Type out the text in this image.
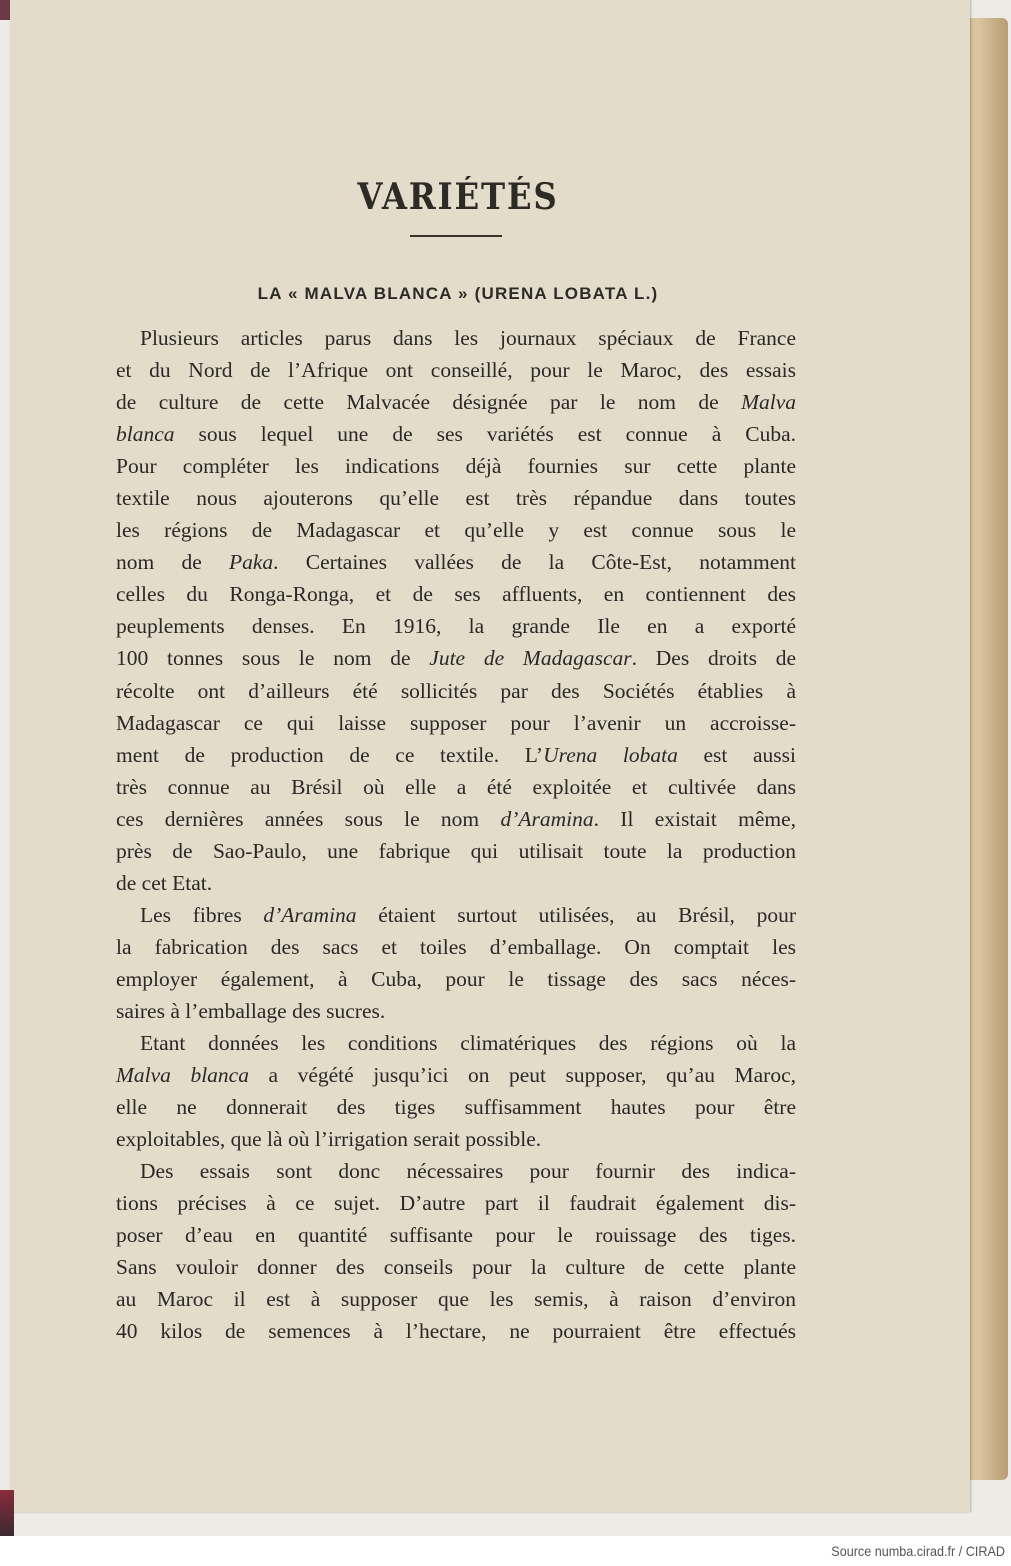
VARIÉTÉS
LA « MALVA BLANCA » (URENA LOBATA L.)
Plusieurs articles parus dans les journaux spéciaux de France
et du Nord de l’Afrique ont conseillé, pour le Maroc, des essais
de culture de cette Malvacée désignée par le nom de Malva
blanca sous lequel une de ses variétés est connue à Cuba.
Pour compléter les indications déjà fournies sur cette plante
textile nous ajouterons qu’elle est très répandue dans toutes
les régions de Madagascar et qu’elle y est connue sous le
nom de Paka. Certaines vallées de la Côte-Est, notamment
celles du Ronga-Ronga, et de ses affluents, en contiennent des
peuplements denses. En 1916, la grande Ile en a exporté
100 tonnes sous le nom de Jute de Madagascar. Des droits de
récolte ont d’ailleurs été sollicités par des Sociétés établies à
Madagascar ce qui laisse supposer pour l’avenir un accroisse-
ment de production de ce textile. L’Urena lobata est aussi
très connue au Brésil où elle a été exploitée et cultivée dans
ces dernières années sous le nom d’Aramina. Il existait même,
près de Sao-Paulo, une fabrique qui utilisait toute la production
de cet Etat.
Les fibres d’Aramina étaient surtout utilisées, au Brésil, pour
la fabrication des sacs et toiles d’emballage. On comptait les
employer également, à Cuba, pour le tissage des sacs néces-
saires à l’emballage des sucres.
Etant données les conditions climatériques des régions où la
Malva blanca a végété jusqu’ici on peut supposer, qu’au Maroc,
elle ne donnerait des tiges suffisamment hautes pour être
exploitables, que là où l’irrigation serait possible.
Des essais sont donc nécessaires pour fournir des indica-
tions précises à ce sujet. D’autre part il faudrait également dis-
poser d’eau en quantité suffisante pour le rouissage des tiges.
Sans vouloir donner des conseils pour la culture de cette plante
au Maroc il est à supposer que les semis, à raison d’environ
40 kilos de semences à l’hectare, ne pourraient être effectués
Source numba.cirad.fr / CIRAD
